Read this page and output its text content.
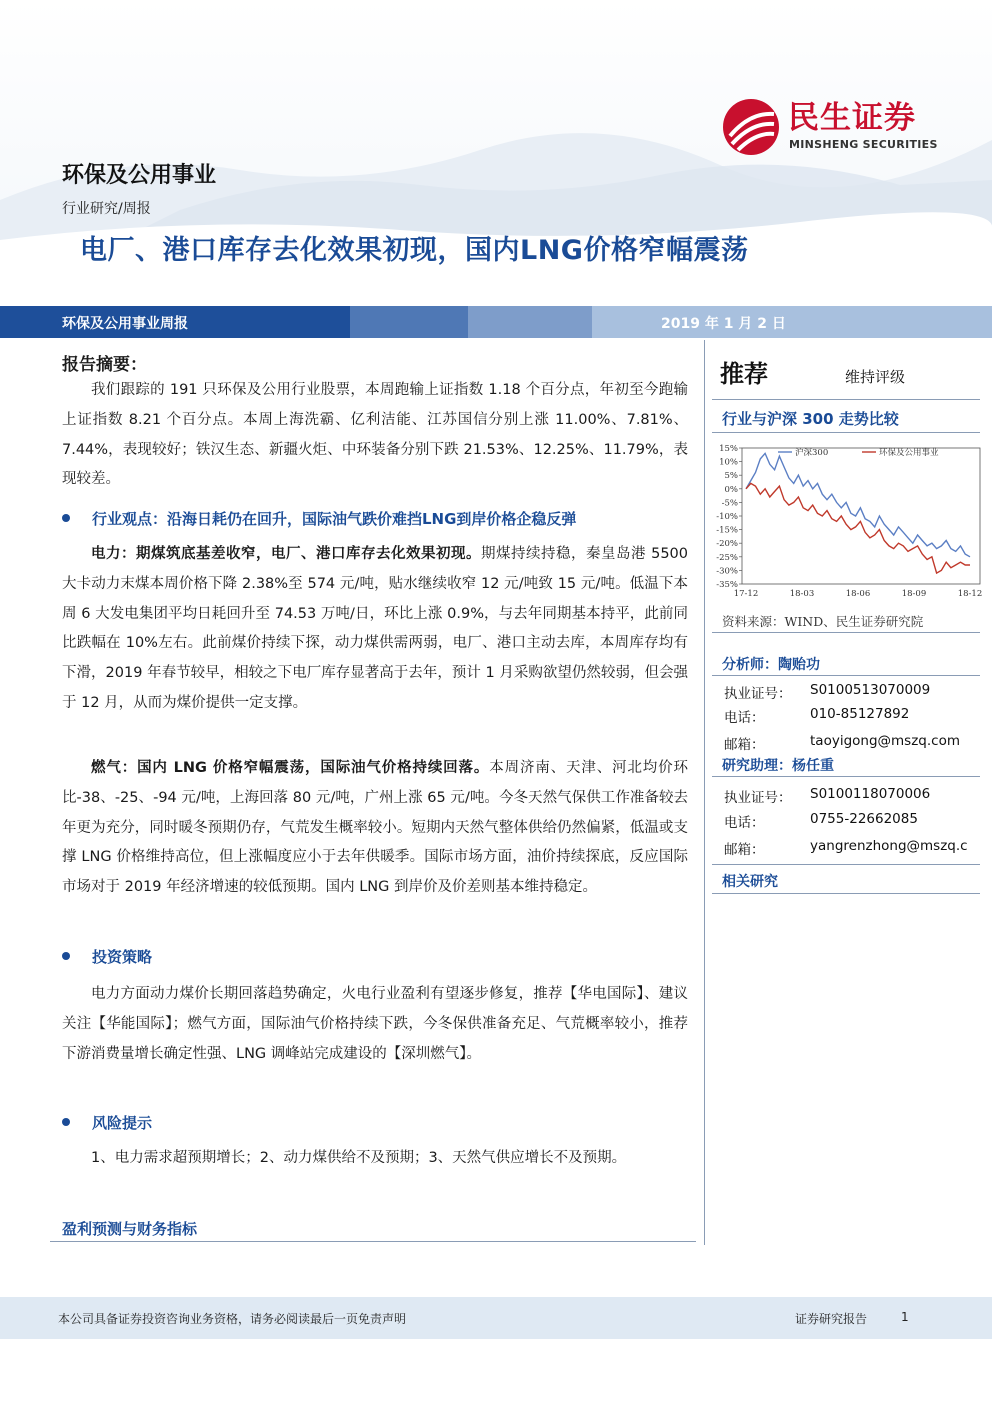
民生证券
MINSHENG SECURITIES
环保及公用事业
行业研究/周报
电厂、港口库存去化效果初现，国内LNG价格窄幅震荡
环保及公用事业周报	2019 年 1 月 2 日
报告摘要：
我们跟踪的 191 只环保及公用行业股票，本周跑输上证指数 1.18 个百分点，年初至今跑输上证指数 8.21 个百分点。本周上海洗霸、亿利洁能、江苏国信分别上涨 11.00%、7.81%、7.44%，表现较好；铁汉生态、新疆火炬、中环装备分别下跌 21.53%、12.25%、11.79%，表现较差。
行业观点：沿海日耗仍在回升，国际油气跌价难挡LNG到岸价格企稳反弹
电力：期煤筑底基差收窄，电厂、港口库存去化效果初现。期煤持续持稳，秦皇岛港 5500 大卡动力末煤本周价格下降 2.38%至 574 元/吨，贴水继续收窄 12 元/吨致 15 元/吨。低温下本周 6 大发电集团平均日耗回升至 74.53 万吨/日，环比上涨 0.9%，与去年同期基本持平，此前同比跌幅在 10%左右。此前煤价持续下探，动力煤供需两弱，电厂、港口主动去库，本周库存均有下滑，2019 年春节较早，相较之下电厂库存显著高于去年，预计 1 月采购欲望仍然较弱，但会强于 12 月，从而为煤价提供一定支撑。
燃气：国内 LNG 价格窄幅震荡，国际油气价格持续回落。本周济南、天津、河北均价环比-38、-25、-94 元/吨，上海回落 80 元/吨，广州上涨 65 元/吨。今冬天然气保供工作准备较去年更为充分，同时暖冬预期仍存，气荒发生概率较小。短期内天然气整体供给仍然偏紧，低温或支撑 LNG 价格维持高位，但上涨幅度应小于去年供暖季。国际市场方面，油价持续探底，反应国际市场对于 2019 年经济增速的较低预期。国内 LNG 到岸价及价差则基本维持稳定。
投资策略
电力方面动力煤价长期回落趋势确定，火电行业盈利有望逐步修复，推荐【华电国际】、建议关注【华能国际】；燃气方面，国际油气价格持续下跌，今冬保供准备充足、气荒概率较小，推荐下游消费量增长确定性强、LNG 调峰站完成建设的【深圳燃气】。
风险提示
1、电力需求超预期增长；2、动力煤供给不及预期；3、天然气供应增长不及预期。
盈利预测与财务指标
推荐	维持评级
行业与沪深 300 走势比较
15%
10%
5%
0%
-5%
-10%
-15%
-20%
-25%
-30%
-35%
17-12	18-03	18-06	18-09	18-12
沪深300	环保及公用事业
资料来源：WIND、民生证券研究院
分析师：陶贻功
执业证号： S0100513070009
电话：	010-85127892
邮箱：	taoyigong@mszq.com
研究助理：杨任重
执业证号： S0100118070006
电话：	0755-22662085
邮箱：	yangrenzhong@mszq.c
相关研究
本公司具备证券投资咨询业务资格，请务必阅读最后一页免责声明	证券研究报告	1
